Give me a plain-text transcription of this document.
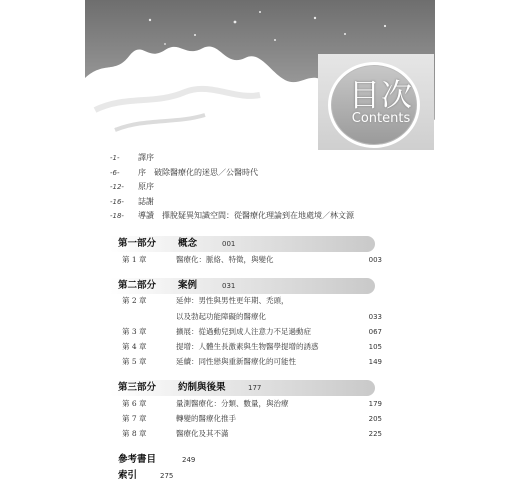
目次
Contents
-1- 譯序
-6- 序　破除醫療化的迷思／公醫時代
-12- 原序
-16- 誌謝
-18- 導讀　擇脫疑異知識空間：從醫療化理論到在地處境／林文源
第一部分 概念	001
第 1 章	醫療化：脈絡、特徵，與變化	003
第二部分 案例	031
第 2 章	延伸：男性與男性更年期、禿頭，
以及勃起功能障礙的醫療化	033
第 3 章	擴展：從過動兒到成人注意力不足過動症	067
第 4 章	提增：人體生長激素與生物醫學提增的誘惑	105
第 5 章	延續：同性戀與重新醫療化的可能性	149
第三部分 約制與後果	177
第 6 章	量測醫療化：分類、數量，與治療	179
第 7 章	轉變的醫療化推手	205
第 8 章	醫療化及其不滿	225
參考書目	249
索引	275
